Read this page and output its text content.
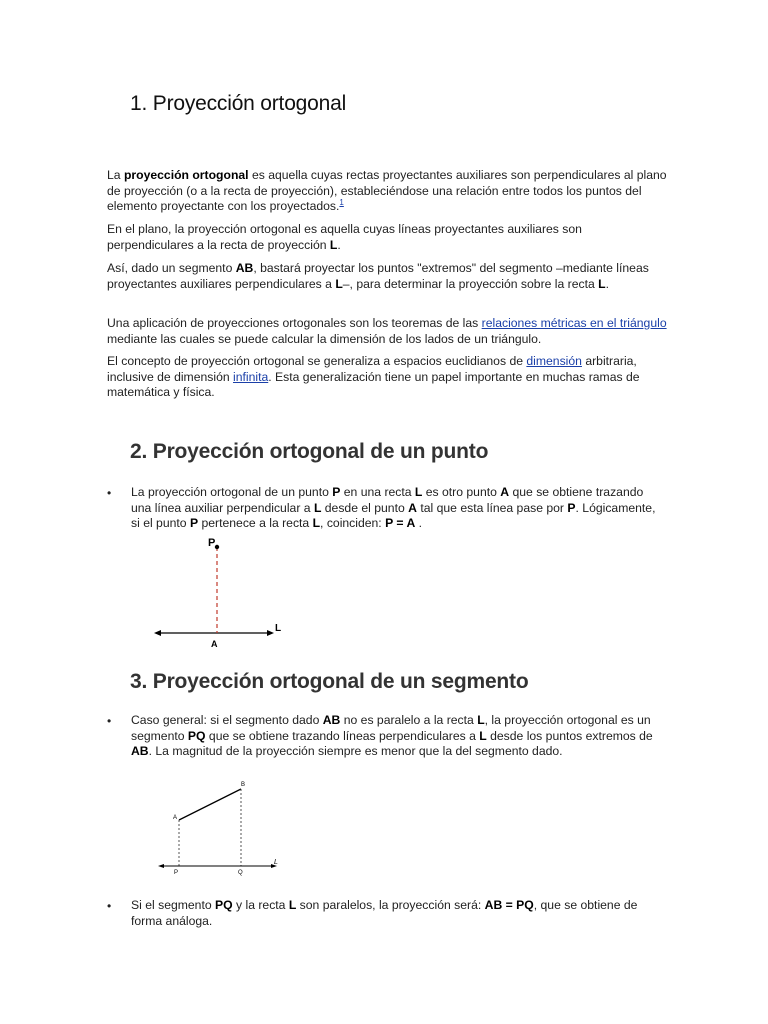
1. Proyección ortogonal

La proyección ortogonal es aquella cuyas rectas proyectantes auxiliares son perpendiculares al plano de proyección (o a la recta de proyección), estableciéndose una relación entre todos los puntos del elemento proyectante con los proyectados.$^1$

En el plano, la proyección ortogonal es aquella cuyas líneas proyectantes auxiliares son perpendiculares a la recta de proyección L.

Así, dado un segmento AB, bastará proyectar los puntos "extremos" del segmento –mediante líneas proyectantes auxiliares perpendiculares a L–, para determinar la proyección sobre la recta L.

Una aplicación de proyecciones ortogonales son los teoremas de las relaciones métricas en el triángulo mediante las cuales se puede calcular la dimensión de los lados de un triángulo.

El concepto de proyección ortogonal se generaliza a espacios euclidianos de dimensión arbitraria, inclusive de dimensión infinita. Esta generalización tiene un papel importante en muchas ramas de matemática y física.

2. Proyección ortogonal de un punto
• La proyección ortogonal de un punto P en una recta L es otro punto A que se obtiene trazando una línea auxiliar perpendicular a L desde el punto A tal que esta línea pase por P. Lógicamente, si el punto P pertenece a la recta L, coinciden: P = A .

P
A
L
3. Proyección ortogonal de un segmento
• Caso general: si el segmento dado AB no es paralelo a la recta L, la proyección ortogonal es un segmento PQ que se obtiene trazando líneas perpendiculares a L desde los puntos extremos de AB. La magnitud de la proyección siempre es menor que la del segmento dado.

A
B
P	Q
L
• Si el segmento PQ y la recta L son paralelos, la proyección será: AB = PQ, que se obtiene de forma análoga.
